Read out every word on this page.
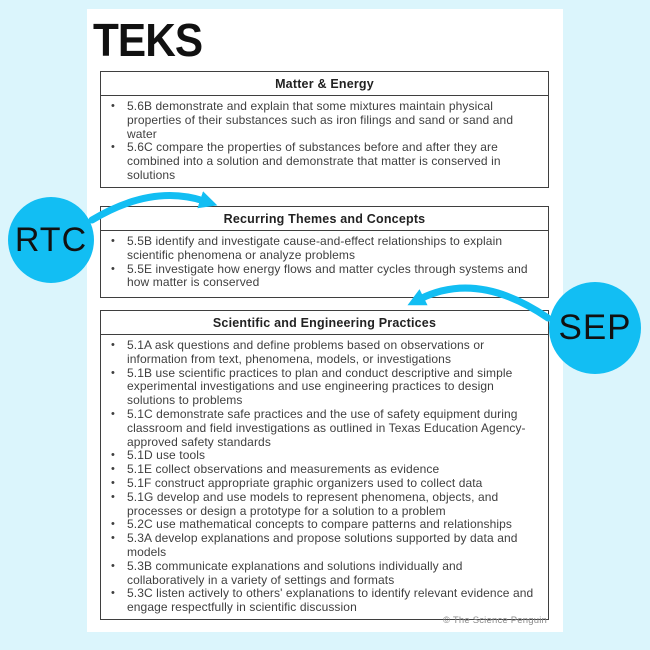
TEKS
Matter & Energy
• 5.6B demonstrate and explain that some mixtures maintain physical properties of their substances such as iron filings and sand or sand and water
• 5.6C compare the properties of substances before and after they are combined into a solution and demonstrate that matter is conserved in solutions
Recurring Themes and Concepts
• 5.5B identify and investigate cause-and-effect relationships to explain scientific phenomena or analyze problems
• 5.5E investigate how energy flows and matter cycles through systems and how matter is conserved
Scientific and Engineering Practices
• 5.1A ask questions and define problems based on observations or information from text, phenomena, models, or investigations
• 5.1B use scientific practices to plan and conduct descriptive and simple experimental investigations and use engineering practices to design solutions to problems
• 5.1C demonstrate safe practices and the use of safety equipment during classroom and field investigations as outlined in Texas Education Agency-approved safety standards
• 5.1D use tools
• 5.1E collect observations and measurements as evidence
• 5.1F construct appropriate graphic organizers used to collect data
• 5.1G develop and use models to represent phenomena, objects, and processes or design a prototype for a solution to a problem
• 5.2C use mathematical concepts to compare patterns and relationships
• 5.3A develop explanations and propose solutions supported by data and models
• 5.3B communicate explanations and solutions individually and collaboratively in a variety of settings and formats
• 5.3C listen actively to others' explanations to identify relevant evidence and engage respectfully in scientific discussion
© The Science Penguin
RTC
SEP
